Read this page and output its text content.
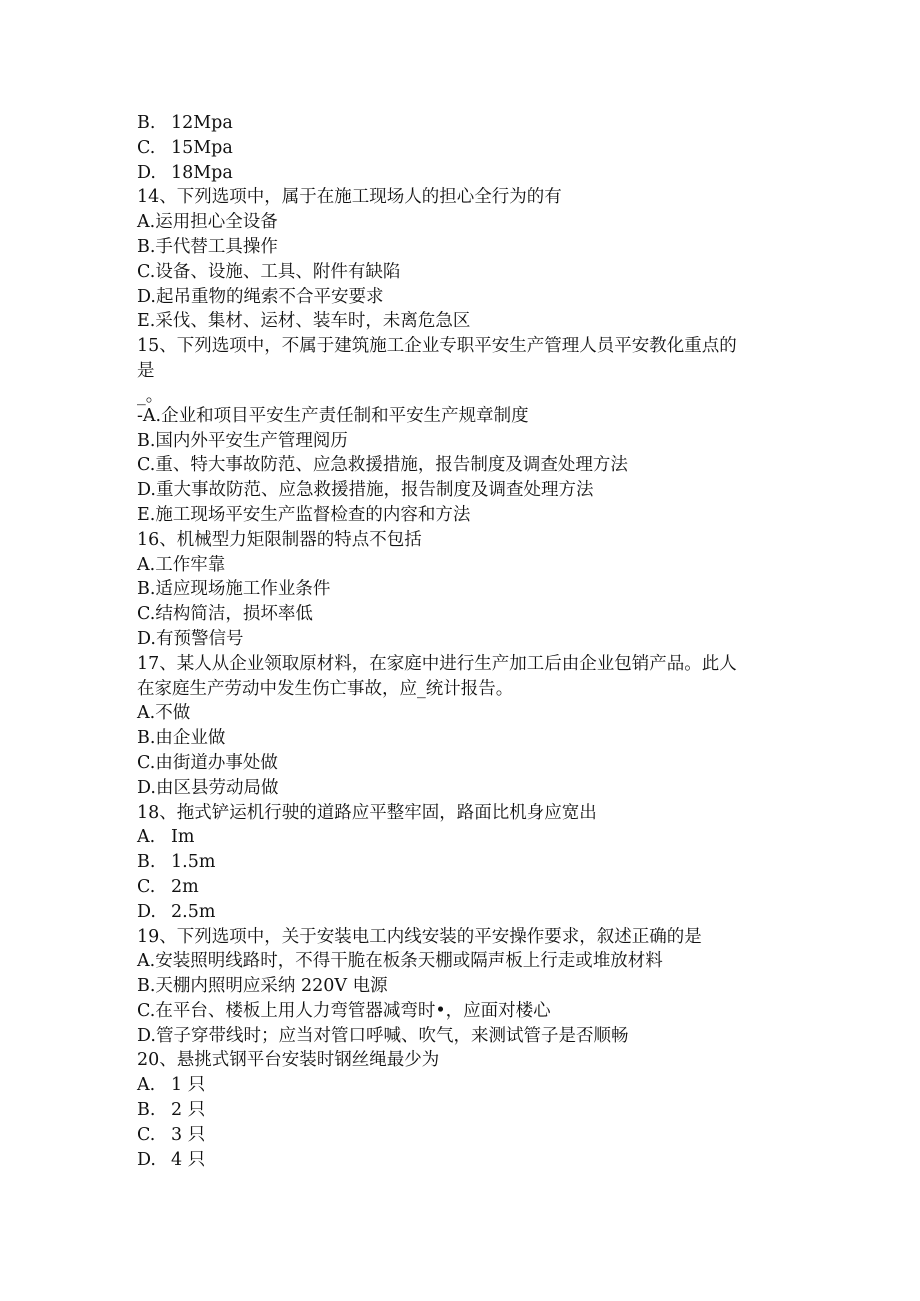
B. 12Mpa
C. 15Mpa
D. 18Mpa
14、下列选项中，属于在施工现场人的担心全行为的有
A.运用担心全设备
B.手代替工具操作
C.设备、设施、工具、附件有缺陷
D.起吊重物的绳索不合平安要求
E.采伐、集材、运材、装车时，未离危急区
15、下列选项中，不属于建筑施工企业专职平安生产管理人员平安教化重点的
是
_。
-A.企业和项目平安生产责任制和平安生产规章制度
B.国内外平安生产管理阅历
C.重、特大事故防范、应急救援措施，报告制度及调查处理方法
D.重大事故防范、应急救援措施，报告制度及调查处理方法
E.施工现场平安生产监督检查的内容和方法
16、机械型力矩限制器的特点不包括
A.工作牢靠
B.适应现场施工作业条件
C.结构简洁，损坏率低
D.有预警信号
17、某人从企业领取原材料，在家庭中进行生产加工后由企业包销产品。此人
在家庭生产劳动中发生伤亡事故，应_统计报告。
A.不做
B.由企业做
C.由街道办事处做
D.由区县劳动局做
18、拖式铲运机行驶的道路应平整牢固，路面比机身应宽出
A. Im
B. 1.5m
C. 2m
D. 2.5m
19、下列选项中，关于安装电工内线安装的平安操作要求，叙述正确的是
A.安装照明线路时，不得干脆在板条天棚或隔声板上行走或堆放材料
B.天棚内照明应采纳 220V 电源
C.在平台、楼板上用人力弯管器减弯时•，应面对楼心
D.管子穿带线时；应当对管口呼喊、吹气，来测试管子是否顺畅
20、悬挑式钢平台安装时钢丝绳最少为
A. 1 只
B. 2 只
C. 3 只
D. 4 只
